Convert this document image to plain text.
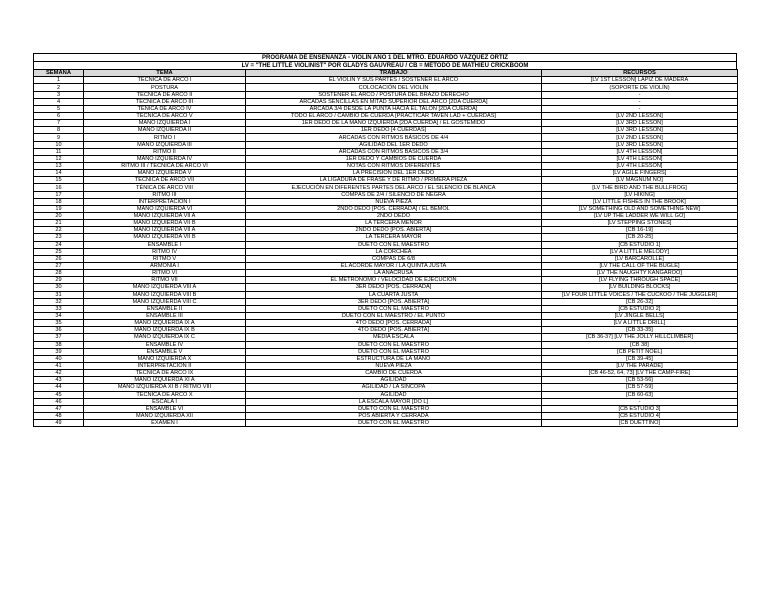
PROGRAMA DE ENSEÑANZA - VIOLÍN AÑO 1 DEL MTRO. EDUARDO VÁZQUEZ ORTIZ
LV = "THE LITTLE VIOLINIST" POR GLADYS GAUVREAU / CB = MÉTODO DE MATHIEU CRICKBOOM
SEMANA	TEMA	TRABAJO	RECURSOS
1	TÉCNICA DE ARCO I	EL VIOLÍN Y SUS PARTES / SOSTENER EL ARCO	[LV 1ST LESSON] LÁPIZ DE MADERA
2	POSTURA	COLOCACIÓN DEL VIOLÍN	(SOPORTE DE VIOLÍN)
3	TÉCNICA DE ARCO II	SOSTENER EL ARCO / POSTURA DEL BRAZO DERECHO	-
4	TÉCNICA DE ARCO III	ARCADAS SENCILLAS EN MITAD SUPERIOR DEL ARCO [2DA CUERDA]	-
5	TÉNICA DE ARCO IV	ARCADA 3/4 DESDE LA PUNTA HACIA EL TALÓN [2DA CUERDA]	-
6	TÉCNICA DE ARCO V	TODO EL ARCO / CAMBIO DE CUERDA [PRACTICAR TAVEN LAD + CUERDAS]	[LV 2ND LESSON]
7	MANO IZQUIERDA I	1ER DEDO DE LA MANO IZQUIERDA [2DA CUERDA] / EL GOSTEMIDO	[LV 3RD LESSON]
8	MANO IZQUIERDA II	1ER DEDO [4 CUERDAS]	[LV 3RD LESSON]
9	RITMO I	ARCADAS CON RITMOS BÁSICOS DE 4/4	[LV 2ND LESSON]
10	MANO IZQUIERDA III	AGILIDAD DEL 1ER DEDO	[LV 3RD LESSON]
11	RITMO II	ARCADAS CON RITMOS BÁSICOS DE 3/4	[LV 4TH LESSON]
12	MANO IZQUIERDA IV	1ER DEDO Y CAMBIOS DE CUERDA	[LV 4TH LESSON]
13	RITMO III / TÉCNICA DE ARCO VI	NOTAS CON RITMOS DIFERENTES	[LV 4TH LESSON]
14	MANO IZQUIERDA V	LA PRECISIÓN DEL 1ER DEDO	[LV AGILE FINGERS]
15	TÉCNICA DE ARCO VII	LA LIGADURA DE FRASE Y DE RITMO / PRIMERA PIEZA	[LV MAGNUM NO]
16	TÉNICA DE ARCO VIII	EJECUCIÓN EN DIFERENTES PARTES DEL ARCO / EL SILENCIO DE BLANCA	[LV THE BIRD AND THE BULLFROG]
17	RITMO III	COMPÁS DE 2/4 / SILENCIO DE NEGRA	[LV HIKING]
18	INTERPRETACIÓN I	NUEVA PIEZA	[LV LITTLE FISHES IN THE BROOK]
19	MANO IZQUIERDA VI	2NDO DEDO [POS. CERRADA] / EL BEMOL	[LV SOMETHING OLD AND SOMETHING NEW]
20	MANO IZQUIERDA VII A	2NDO DEDO	[LV UP THE LADDER WE WILL GO]
21	MANO IZQUIERDA VII B	LA TERCERA MENOR	[LV STEPPING STONES]
22	MANO IZQUIERDA VII A	2NDO DEDO [POS. ABIERTA]	[CB 16-19]
23	MANO IZQUIERDA VII B	LA TERCERA MAYOR	[CB 20-25]
24	ENSAMBLE I	DUETO CON EL MAESTRO	[CB ESTUDIO 1]
25	RITMO IV	LA CORCHEA	[LV A LITTLE MELODY]
26	RITMO V	COMPÁS DE 6/8	[LV BARCAROLLE]
27	ARMONÍA I	EL ACORDE MAYOR / LA QUINTA JUSTA	[LV THE CALL OF THE BUGLE]
28	RITMO VI	LA ANACRUSA	[LV THE NAUGHTY KANGAROO]
29	RITMO VII	EL METRÓNOMO / VELOCIDAD DE EJECUCIÓN	[LV FLYING THROUGH SPACE]
30	MANO IZQUIERDA VIII A	3ER DEDO [POS. CERRADA]	[LV BUILDING BLOCKS]
31	MANO IZQUIERDA VIII B	LA CUARTA JUSTA	[LV FOUR LITTLE VOICES / THE CUCKOO / THE JUGGLER]
32	MANO IZQUIERDA VIII C	3ER DEDO [POS. ABIERTA]	[CB 26-32]
33	ENSAMBLE II	DUETO CON EL MAESTRO	[CB ESTUDIO 2]
34	ENSAMBLE III	DUETO CON EL MAESTRO / EL PUNTO	[LV JINGLE BELLS]
35	MANO IZQUIERDA IX A	4TO DEDO [POS. CERRADA]	[LV A LITTLE DRILL]
36	MANO IZQUIERDA IX B	4TO DEDO [POS. ABIERTA]	[CB 33-35]
37	MANO IZQUIERDA IX C	MEDIA ESCALA	[CB 36-37] [LV THE JOLLY HILLCLIMBER]
38	ENSAMBLE IV	DUETO CON EL MAESTRO	[CB 38]
39	ENSAMBLE V	DUETO CON EL MAESTRO	[CB PETIT NOËL]
40	MANO IZQUIERDA X	ESTRUCTURA DE LA MANO	[CB 39-45]
41	INTERPRETACIÓN II	NUEVA PIEZA	[LV THE PARADE]
42	TÉCNICA DE ARCO IX	CAMBIO DE CUERDA	[CB 46-52, 64, 73] [LV THE CAMP-FIRE]
43	MANO IZQUIERDA XI A	AGILIDAD	[CB 53-56]
44	MANO IZQUIERDA XI B / RITMO VIII	AGILIDAD / LA SÍNCOPA	[CB 57-59]
45	TÉCNICA DE ARCO X	AGILIDAD	[CB 60-63]
46	ESCALA I	LA ESCALA MAYOR [DO L]	-
47	ENSAMBLE VI	DUETO CON EL MAESTRO	[CB ESTUDIO 3]
48	MANO IZQUIERDA XII	POS ABIERTA Y CERRADA	[CB ESTUDIO 4]
49	EXAMEN I	DUETO CON EL MAESTRO	[CB DUETTINO]
